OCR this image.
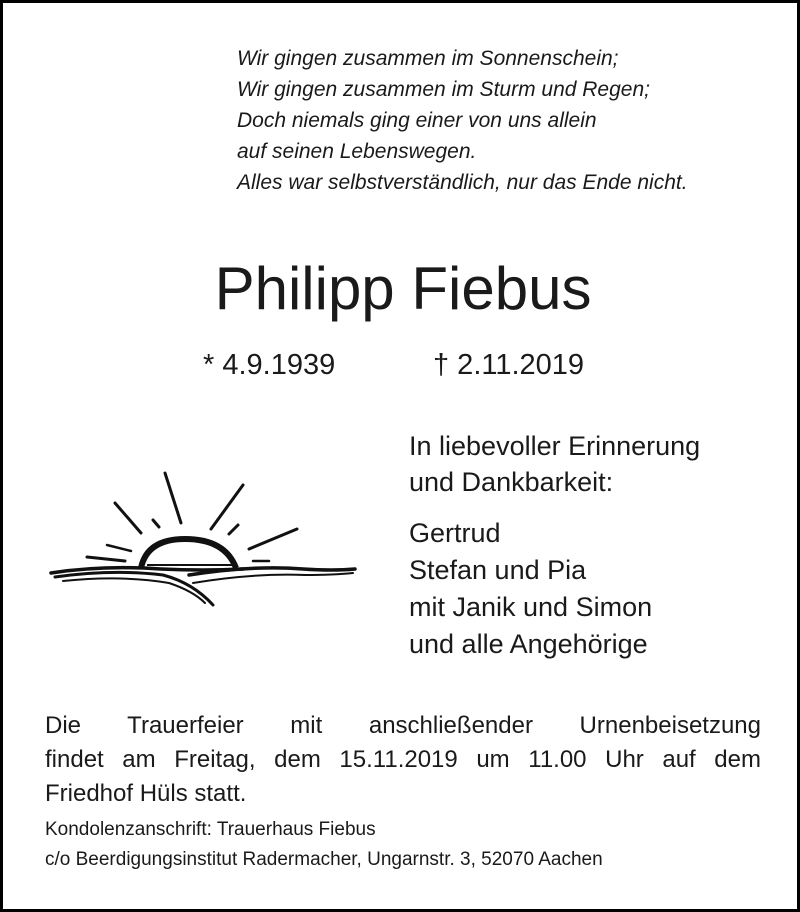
Wir gingen zusammen im Sonnenschein;
Wir gingen zusammen im Sturm und Regen;
Doch niemals ging einer von uns allein
auf seinen Lebenswegen.
Alles war selbstverständlich, nur das Ende nicht.
Philipp Fiebus
* 4.9.1939	† 2.11.2019
In liebevoller Erinnerung
und Dankbarkeit:
Gertrud
Stefan und Pia
mit Janik und Simon
und alle Angehörige
Die Trauerfeier mit anschließender Urnenbeisetzung
findet am Freitag, dem 15.11.2019 um 11.00 Uhr auf dem
Friedhof Hüls statt.
Kondolenzanschrift: Trauerhaus Fiebus
c/o Beerdigungsinstitut Radermacher, Ungarnstr. 3, 52070 Aachen
